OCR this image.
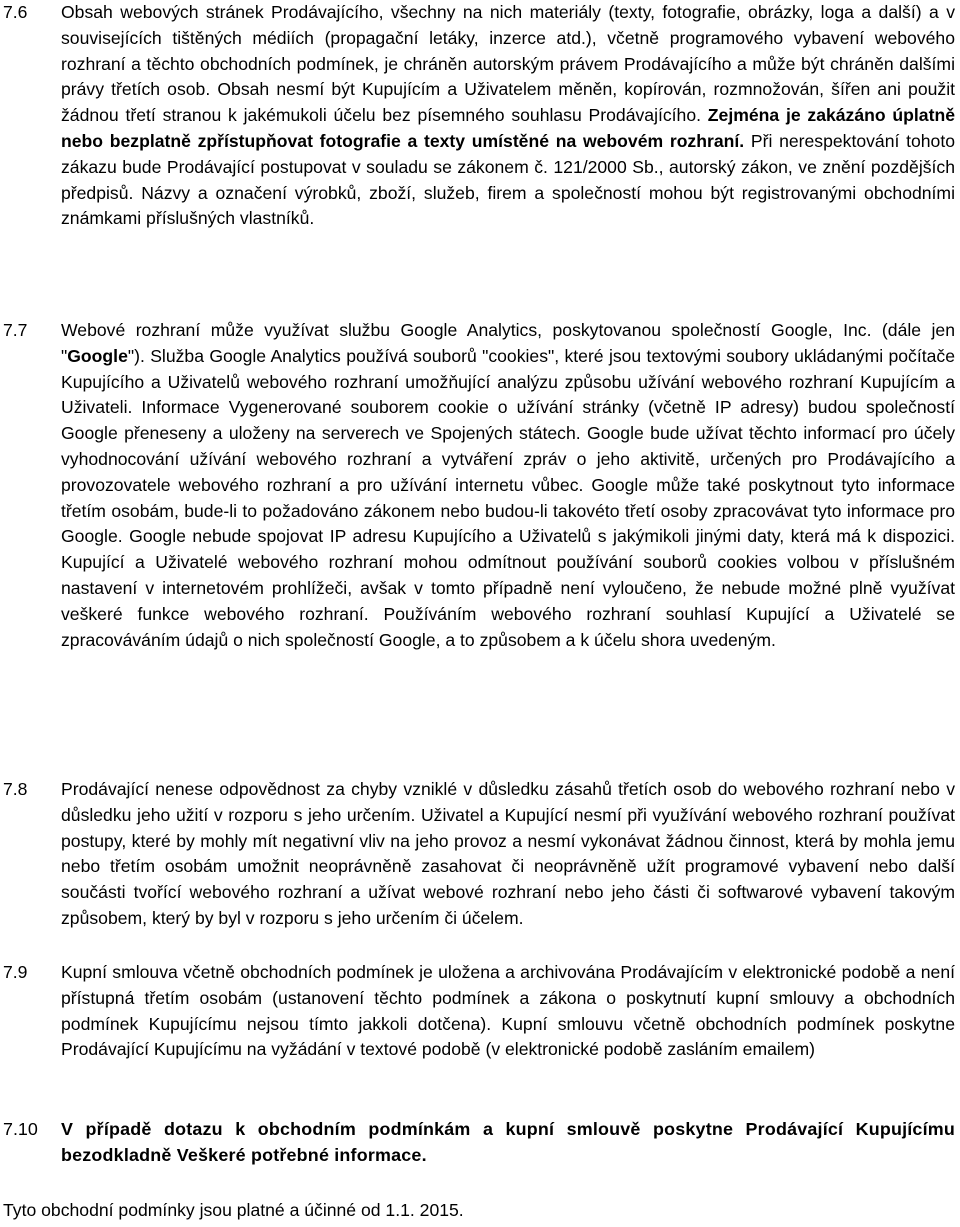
7.6 Obsah webových stránek Prodávajícího, všechny na nich materiály (texty, fotografie, obrázky, loga a další) a v souvisejících tištěných médiích (propagační letáky, inzerce atd.), včetně programového vybavení webového rozhraní a těchto obchodních podmínek, je chráněn autorským právem Prodávajícího a může být chráněn dalšími právy třetích osob. Obsah nesmí být Kupujícím a Uživatelem měněn, kopírován, rozmnožován, šířen ani použit žádnou třetí stranou k jakémukoli účelu bez písemného souhlasu Prodávajícího. Zejména je zakázáno úplatně nebo bezplatně zpřístupňovat fotografie a texty umístěné na webovém rozhraní. Při nerespektování tohoto zákazu bude Prodávající postupovat v souladu se zákonem č. 121/2000 Sb., autorský zákon, ve znění pozdějších předpisů. Názvy a označení výrobků, zboží, služeb, firem a společností mohou být registrovanými obchodními známkami příslušných vlastníků.
7.7 Webové rozhraní může využívat službu Google Analytics, poskytovanou společností Google, Inc. (dále jen "Google"). Služba Google Analytics používá souborů "cookies", které jsou textovými soubory ukládanými počítače Kupujícího a Uživatelů webového rozhraní umožňující analýzu způsobu užívání webového rozhraní Kupujícím a Uživateli. Informace Vygenerované souborem cookie o užívání stránky (včetně IP adresy) budou společností Google přeneseny a uloženy na serverech ve Spojených státech. Google bude užívat těchto informací pro účely vyhodnocování užívání webového rozhraní a vytváření zpráv o jeho aktivitě, určených pro Prodávajícího a provozovatele webového rozhraní a pro užívání internetu vůbec. Google může také poskytnout tyto informace třetím osobám, bude-li to požadováno zákonem nebo budou-li takovéto třetí osoby zpracovávat tyto informace pro Google. Google nebude spojovat IP adresu Kupujícího a Uživatelů s jakýmikoli jinými daty, která má k dispozici. Kupující a Uživatelé webového rozhraní mohou odmítnout používání souborů cookies volbou v příslušném nastavení v internetovém prohlížeči, avšak v tomto případně není vyloučeno, že nebude možné plně využívat veškeré funkce webového rozhraní. Používáním webového rozhraní souhlasí Kupující a Uživatelé se zpracováváním údajů o nich společností Google, a to způsobem a k účelu shora uvedeným.
7.8 Prodávající nenese odpovědnost za chyby vzniklé v důsledku zásahů třetích osob do webového rozhraní nebo v důsledku jeho užití v rozporu s jeho určením. Uživatel a Kupující nesmí při využívání webového rozhraní používat postupy, které by mohly mít negativní vliv na jeho provoz a nesmí vykonávat žádnou činnost, která by mohla jemu nebo třetím osobám umožnit neoprávněně zasahovat či neoprávněně užít programové vybavení nebo další součásti tvořící webového rozhraní a užívat webové rozhraní nebo jeho části či softwarové vybavení takovým způsobem, který by byl v rozporu s jeho určením či účelem.
7.9 Kupní smlouva včetně obchodních podmínek je uložena a archivována Prodávajícím v elektronické podobě a není přístupná třetím osobám (ustanovení těchto podmínek a zákona o poskytnutí kupní smlouvy a obchodních podmínek Kupujícímu nejsou tímto jakkoli dotčena). Kupní smlouvu včetně obchodních podmínek poskytne Prodávající Kupujícímu na vyžádání v textové podobě (v elektronické podobě zasláním emailem)
7.10 V případě dotazu k obchodním podmínkám a kupní smlouvě poskytne Prodávající Kupujícímu bezodkladně Veškeré potřebné informace.
Tyto obchodní podmínky jsou platné a účinné od 1.1. 2015.
